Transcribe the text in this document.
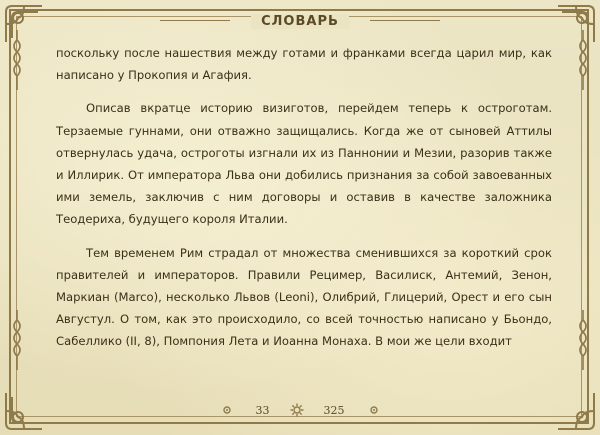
СЛОВАРЬ

поскольку после нашествия между готами и франками всегда царил мир, как написано у Прокопия и Агафия.

Описав вкратце историю визиготов, перейдем теперь к остроготам. Терзаемые гуннами, они отважно защищались. Когда же от сыновей Аттилы отвернулась удача, остроготы изгнали их из Паннонии и Мезии, разорив также и Иллирик. От императора Льва они добились признания за собой завоеванных ими земель, заключив с ним договоры и оставив в качестве заложника Теодериха, будущего короля Италии.

Тем временем Рим страдал от множества сменившихся за короткий срок правителей и императоров. Правили Рецимер, Василиск, Антемий, Зенон, Маркиан (Marco), несколько Львов (Leoni), Олибрий, Глицерий, Орест и его сын Августул. О том, как это происходило, со всей точностью написано у Бьондо, Сабеллико (II, 8), Помпония Лета и Иоанна Монаха. В мои же цели входит

33	325
